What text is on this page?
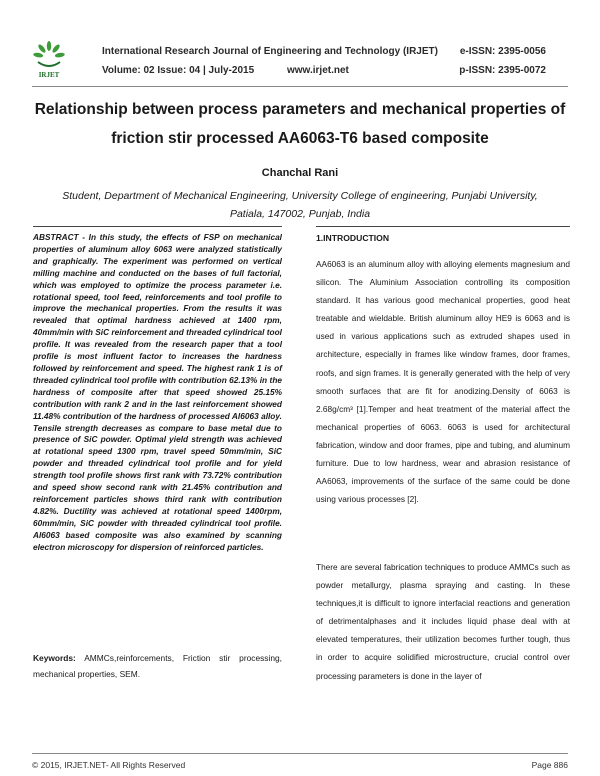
IRJET
International Research Journal of Engineering and Technology (IRJET)
Volume: 02 Issue: 04 | July-2015	www.irjet.net
e-ISSN: 2395-0056
p-ISSN: 2395-0072
Relationship between process parameters and mechanical properties of friction stir processed AA6063-T6 based composite
Chanchal Rani
Student, Department of Mechanical Engineering, University College of engineering, Punjabi University, Patiala, 147002, Punjab, India
ABSTRACT - In this study, the effects of FSP on mechanical properties of aluminum alloy 6063 were analyzed statistically and graphically. The experiment was performed on vertical milling machine and conducted on the bases of full factorial, which was employed to optimize the process parameter i.e. rotational speed, tool feed, reinforcements and tool profile to improve the mechanical properties. From the results it was revealed that optimal hardness achieved at 1400 rpm, 40mm/min with SiC reinforcement and threaded cylindrical tool profile. It was revealed from the research paper that a tool profile is most influent factor to increases the hardness followed by reinforcement and speed. The highest rank 1 is of threaded cylindrical tool profile with contribution 62.13% in the hardness of composite after that speed showed 25.15% contribution with rank 2 and in the last reinforcement showed 11.48% contribution of the hardness of processed Al6063 alloy. Tensile strength decreases as compare to base metal due to presence of SiC powder. Optimal yield strength was achieved at rotational speed 1300 rpm, travel speed 50mm/min, SiC powder and threaded cylindrical tool profile and for yield strength tool profile shows first rank with 73.72% contribution and speed show second rank with 21.45% contribution and reinforcement particles shows third rank with contribution 4.82%. Ductility was achieved at rotational speed 1400rpm, 60mm/min, SiC powder with threaded cylindrical tool profile. Al6063 based composite was also examined by scanning electron microscopy for dispersion of reinforced particles.
Keywords: AMMCs,reinforcements, Friction stir processing, mechanical properties, SEM.
1.INTRODUCTION
AA6063 is an aluminum alloy with alloying elements magnesium and silicon. The Aluminium Association controlling its composition standard. It has various good mechanical properties, good heat treatable and wieldable. British aluminum alloy HE9 is 6063 and is used in various applications such as extruded shapes used in architecture, especially in frames like window frames, door frames, roofs, and sign frames. It is generally generated with the help of very smooth surfaces that are fit for anodizing.Density of 6063 is 2.68g/cm³ [1].Temper and heat treatment of the material affect the mechanical properties of 6063. 6063 is used for architectural fabrication, window and door frames, pipe and tubing, and aluminum furniture. Due to low hardness, wear and abrasion resistance of AA6063, improvements of the surface of the same could be done using various processes [2].
There are several fabrication techniques to produce AMMCs such as powder metallurgy, plasma spraying and casting. In these techniques,it is difficult to ignore interfacial reactions and generation of detrimentalphases and it includes liquid phase deal with at elevated temperatures, their utilization becomes further tough, thus in order to acquire solidified microstructure, crucial control over processing parameters is done in the layer of
© 2015, IRJET.NET- All Rights Reserved	Page 886
